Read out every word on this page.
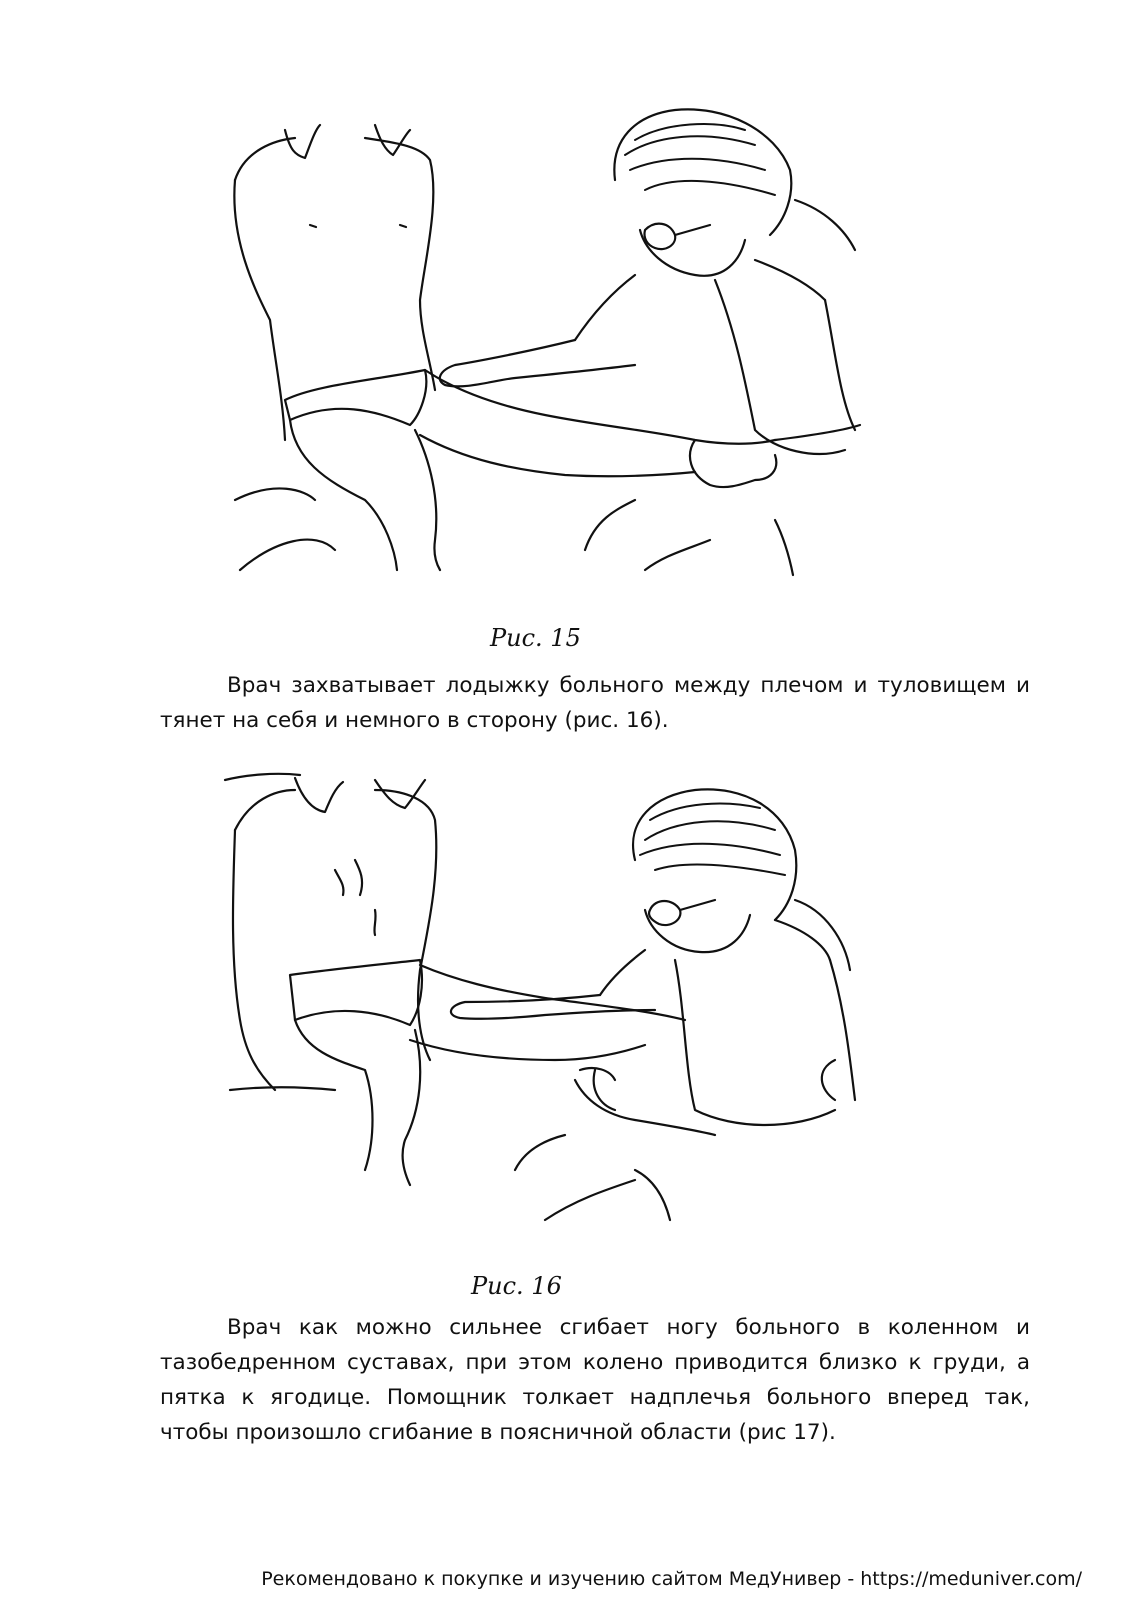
Рис. 15
Врач захватывает лодыжку больного между плечом и туловищем и
тянет на себя и немного в сторону (рис. 16).
Рис. 16
Врач как можно сильнее сгибает ногу больного в коленном и
тазобедренном суставах, при этом колено приводится близко к груди, а
пятка к ягодице. Помощник толкает надплечья больного вперед так,
чтобы произошло сгибание в поясничной области (рис 17).
Рекомендовано к покупке и изучению сайтом МедУнивер - https://meduniver.com/
